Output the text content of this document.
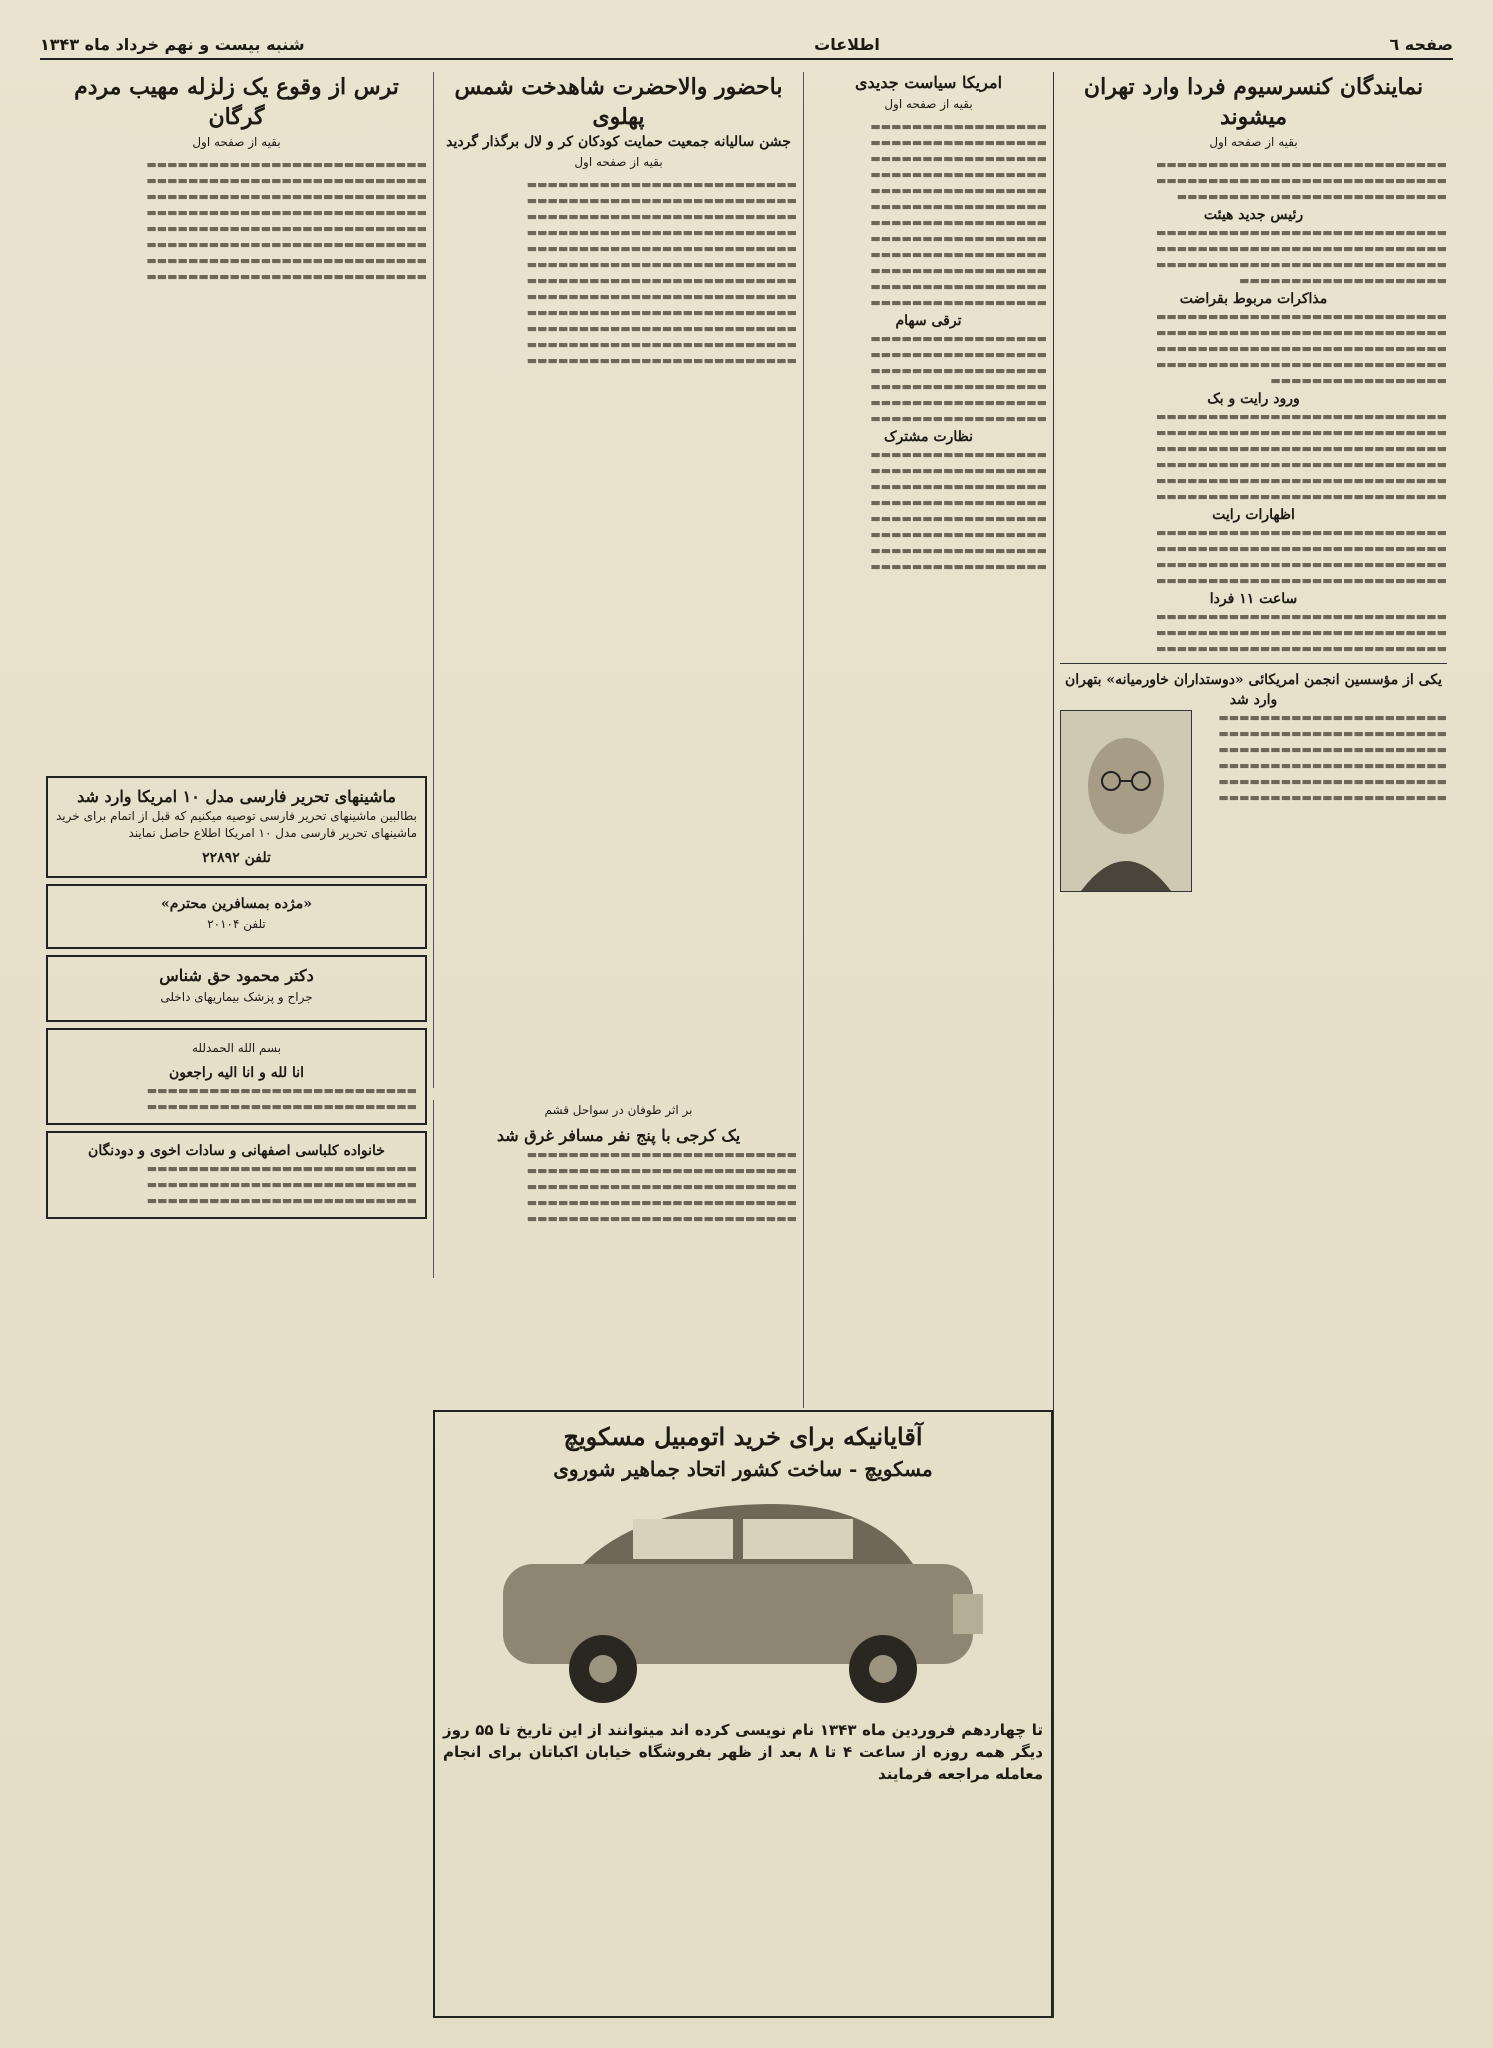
صفحه ٦
اطلاعات
شنبه بیست و نهم خرداد ماه ۱۳۴۳
نمایندگان کنسرسیوم فردا وارد تهران میشوند
بقیه از صفحه اول
▬▬▬▬▬▬▬▬▬▬▬▬▬▬▬▬▬▬▬▬▬▬▬▬▬▬▬▬ ▬▬▬▬▬▬▬▬▬▬▬▬▬▬▬▬▬▬▬▬▬▬▬▬▬▬▬▬ ▬▬▬▬▬▬▬▬▬▬▬▬▬▬▬▬▬▬▬▬▬▬▬▬▬▬
رئیس جدید هیئت
▬▬▬▬▬▬▬▬▬▬▬▬▬▬▬▬▬▬▬▬▬▬▬▬▬▬▬▬ ▬▬▬▬▬▬▬▬▬▬▬▬▬▬▬▬▬▬▬▬▬▬▬▬▬▬▬▬ ▬▬▬▬▬▬▬▬▬▬▬▬▬▬▬▬▬▬▬▬▬▬▬▬▬▬▬▬ ▬▬▬▬▬▬▬▬▬▬▬▬▬▬▬▬▬▬▬▬
مذاکرات مربوط بقراضت
▬▬▬▬▬▬▬▬▬▬▬▬▬▬▬▬▬▬▬▬▬▬▬▬▬▬▬▬ ▬▬▬▬▬▬▬▬▬▬▬▬▬▬▬▬▬▬▬▬▬▬▬▬▬▬▬▬ ▬▬▬▬▬▬▬▬▬▬▬▬▬▬▬▬▬▬▬▬▬▬▬▬▬▬▬▬ ▬▬▬▬▬▬▬▬▬▬▬▬▬▬▬▬▬▬▬▬▬▬▬▬▬▬▬▬ ▬▬▬▬▬▬▬▬▬▬▬▬▬▬▬▬▬
ورود رایت و بک
▬▬▬▬▬▬▬▬▬▬▬▬▬▬▬▬▬▬▬▬▬▬▬▬▬▬▬▬ ▬▬▬▬▬▬▬▬▬▬▬▬▬▬▬▬▬▬▬▬▬▬▬▬▬▬▬▬ ▬▬▬▬▬▬▬▬▬▬▬▬▬▬▬▬▬▬▬▬▬▬▬▬▬▬▬▬ ▬▬▬▬▬▬▬▬▬▬▬▬▬▬▬▬▬▬▬▬▬▬▬▬▬▬▬▬ ▬▬▬▬▬▬▬▬▬▬▬▬▬▬▬▬▬▬▬▬▬▬▬▬▬▬▬▬ ▬▬▬▬▬▬▬▬▬▬▬▬▬▬▬▬▬▬▬▬▬▬▬▬▬▬▬▬
اظهارات رایت
▬▬▬▬▬▬▬▬▬▬▬▬▬▬▬▬▬▬▬▬▬▬▬▬▬▬▬▬ ▬▬▬▬▬▬▬▬▬▬▬▬▬▬▬▬▬▬▬▬▬▬▬▬▬▬▬▬ ▬▬▬▬▬▬▬▬▬▬▬▬▬▬▬▬▬▬▬▬▬▬▬▬▬▬▬▬ ▬▬▬▬▬▬▬▬▬▬▬▬▬▬▬▬▬▬▬▬▬▬▬▬▬▬▬▬
ساعت ۱۱ فردا
▬▬▬▬▬▬▬▬▬▬▬▬▬▬▬▬▬▬▬▬▬▬▬▬▬▬▬▬ ▬▬▬▬▬▬▬▬▬▬▬▬▬▬▬▬▬▬▬▬▬▬▬▬▬▬▬▬ ▬▬▬▬▬▬▬▬▬▬▬▬▬▬▬▬▬▬▬▬▬▬▬▬▬▬▬▬
یکی از مؤسسین انجمن امریکائی «دوستداران خاورمیانه» بتهران وارد شد
▬▬▬▬▬▬▬▬▬▬▬▬▬▬▬▬▬▬▬▬▬▬ ▬▬▬▬▬▬▬▬▬▬▬▬▬▬▬▬▬▬▬▬▬▬ ▬▬▬▬▬▬▬▬▬▬▬▬▬▬▬▬▬▬▬▬▬▬ ▬▬▬▬▬▬▬▬▬▬▬▬▬▬▬▬▬▬▬▬▬▬ ▬▬▬▬▬▬▬▬▬▬▬▬▬▬▬▬▬▬▬▬▬▬ ▬▬▬▬▬▬▬▬▬▬▬▬▬▬▬▬▬▬▬▬▬▬
امریکا سیاست جدیدی
بقیه از صفحه اول
▬▬▬▬▬▬▬▬▬▬▬▬▬▬▬▬▬ ▬▬▬▬▬▬▬▬▬▬▬▬▬▬▬▬▬ ▬▬▬▬▬▬▬▬▬▬▬▬▬▬▬▬▬ ▬▬▬▬▬▬▬▬▬▬▬▬▬▬▬▬▬ ▬▬▬▬▬▬▬▬▬▬▬▬▬▬▬▬▬ ▬▬▬▬▬▬▬▬▬▬▬▬▬▬▬▬▬ ▬▬▬▬▬▬▬▬▬▬▬▬▬▬▬▬▬ ▬▬▬▬▬▬▬▬▬▬▬▬▬▬▬▬▬ ▬▬▬▬▬▬▬▬▬▬▬▬▬▬▬▬▬ ▬▬▬▬▬▬▬▬▬▬▬▬▬▬▬▬▬ ▬▬▬▬▬▬▬▬▬▬▬▬▬▬▬▬▬ ▬▬▬▬▬▬▬▬▬▬▬▬▬▬▬▬▬
ترقی سهام
▬▬▬▬▬▬▬▬▬▬▬▬▬▬▬▬▬ ▬▬▬▬▬▬▬▬▬▬▬▬▬▬▬▬▬ ▬▬▬▬▬▬▬▬▬▬▬▬▬▬▬▬▬ ▬▬▬▬▬▬▬▬▬▬▬▬▬▬▬▬▬ ▬▬▬▬▬▬▬▬▬▬▬▬▬▬▬▬▬ ▬▬▬▬▬▬▬▬▬▬▬▬▬▬▬▬▬
نظارت مشترک
▬▬▬▬▬▬▬▬▬▬▬▬▬▬▬▬▬ ▬▬▬▬▬▬▬▬▬▬▬▬▬▬▬▬▬ ▬▬▬▬▬▬▬▬▬▬▬▬▬▬▬▬▬ ▬▬▬▬▬▬▬▬▬▬▬▬▬▬▬▬▬ ▬▬▬▬▬▬▬▬▬▬▬▬▬▬▬▬▬ ▬▬▬▬▬▬▬▬▬▬▬▬▬▬▬▬▬ ▬▬▬▬▬▬▬▬▬▬▬▬▬▬▬▬▬ ▬▬▬▬▬▬▬▬▬▬▬▬▬▬▬▬▬
باحضور والاحضرت شاهدخت شمس پهلوی
جشن سالیانه جمعیت حمایت کودکان کر و لال برگذار گردید
بقیه از صفحه اول
▬▬▬▬▬▬▬▬▬▬▬▬▬▬▬▬▬▬▬▬▬▬▬▬▬▬ ▬▬▬▬▬▬▬▬▬▬▬▬▬▬▬▬▬▬▬▬▬▬▬▬▬▬ ▬▬▬▬▬▬▬▬▬▬▬▬▬▬▬▬▬▬▬▬▬▬▬▬▬▬ ▬▬▬▬▬▬▬▬▬▬▬▬▬▬▬▬▬▬▬▬▬▬▬▬▬▬ ▬▬▬▬▬▬▬▬▬▬▬▬▬▬▬▬▬▬▬▬▬▬▬▬▬▬ ▬▬▬▬▬▬▬▬▬▬▬▬▬▬▬▬▬▬▬▬▬▬▬▬▬▬ ▬▬▬▬▬▬▬▬▬▬▬▬▬▬▬▬▬▬▬▬▬▬▬▬▬▬ ▬▬▬▬▬▬▬▬▬▬▬▬▬▬▬▬▬▬▬▬▬▬▬▬▬▬ ▬▬▬▬▬▬▬▬▬▬▬▬▬▬▬▬▬▬▬▬▬▬▬▬▬▬ ▬▬▬▬▬▬▬▬▬▬▬▬▬▬▬▬▬▬▬▬▬▬▬▬▬▬ ▬▬▬▬▬▬▬▬▬▬▬▬▬▬▬▬▬▬▬▬▬▬▬▬▬▬ ▬▬▬▬▬▬▬▬▬▬▬▬▬▬▬▬▬▬▬▬▬▬▬▬▬▬
ترس از وقوع یک زلزله مهیب مردم گرگان
بقیه از صفحه اول
▬▬▬▬▬▬▬▬▬▬▬▬▬▬▬▬▬▬▬▬▬▬▬▬▬▬▬ ▬▬▬▬▬▬▬▬▬▬▬▬▬▬▬▬▬▬▬▬▬▬▬▬▬▬▬ ▬▬▬▬▬▬▬▬▬▬▬▬▬▬▬▬▬▬▬▬▬▬▬▬▬▬▬ ▬▬▬▬▬▬▬▬▬▬▬▬▬▬▬▬▬▬▬▬▬▬▬▬▬▬▬ ▬▬▬▬▬▬▬▬▬▬▬▬▬▬▬▬▬▬▬▬▬▬▬▬▬▬▬ ▬▬▬▬▬▬▬▬▬▬▬▬▬▬▬▬▬▬▬▬▬▬▬▬▬▬▬ ▬▬▬▬▬▬▬▬▬▬▬▬▬▬▬▬▬▬▬▬▬▬▬▬▬▬▬ ▬▬▬▬▬▬▬▬▬▬▬▬▬▬▬▬▬▬▬▬▬▬▬▬▬▬▬
ماشینهای تحریر فارسی مدل ۱۰ امریکا وارد شد
بطالبین ماشینهای تحریر فارسی توصیه میکنیم که قبل از اتمام برای خرید ماشینهای تحریر فارسی مدل ۱۰ امریکا اطلاع حاصل نمایند
تلفن ۲۲۸۹۲
«مژده بمسافرین محترم»
تلفن ۲۰۱۰۴
دکتر محمود حق شناس
جراح و پزشک بیماریهای داخلی
بسم الله الحمدلله
انا لله و انا الیه راجعون
▬▬▬▬▬▬▬▬▬▬▬▬▬▬▬▬▬▬▬▬▬▬▬▬▬▬ ▬▬▬▬▬▬▬▬▬▬▬▬▬▬▬▬▬▬▬▬▬▬▬▬▬▬
خانواده کلباسی اصفهانی و سادات اخوی و دودنگان
▬▬▬▬▬▬▬▬▬▬▬▬▬▬▬▬▬▬▬▬▬▬▬▬▬▬ ▬▬▬▬▬▬▬▬▬▬▬▬▬▬▬▬▬▬▬▬▬▬▬▬▬▬ ▬▬▬▬▬▬▬▬▬▬▬▬▬▬▬▬▬▬▬▬▬▬▬▬▬▬
بر اثر طوفان در سواحل قشم
یک کرجی با پنج نفر مسافر غرق شد
▬▬▬▬▬▬▬▬▬▬▬▬▬▬▬▬▬▬▬▬▬▬▬▬▬▬ ▬▬▬▬▬▬▬▬▬▬▬▬▬▬▬▬▬▬▬▬▬▬▬▬▬▬ ▬▬▬▬▬▬▬▬▬▬▬▬▬▬▬▬▬▬▬▬▬▬▬▬▬▬ ▬▬▬▬▬▬▬▬▬▬▬▬▬▬▬▬▬▬▬▬▬▬▬▬▬▬ ▬▬▬▬▬▬▬▬▬▬▬▬▬▬▬▬▬▬▬▬▬▬▬▬▬▬
آقایانیکه برای خرید اتومبیل مسکویچ
مسکویچ - ساخت کشور اتحاد جماهیر شوروی
تا چهاردهم فروردین ماه ۱۳۴۳ نام نویسی کرده اند میتوانند از این تاریخ تا ۵۵ روز دیگر همه روزه از ساعت ۴ تا ۸ بعد از ظهر بفروشگاه خیابان اکباتان برای انجام معامله مراجعه فرمایند
